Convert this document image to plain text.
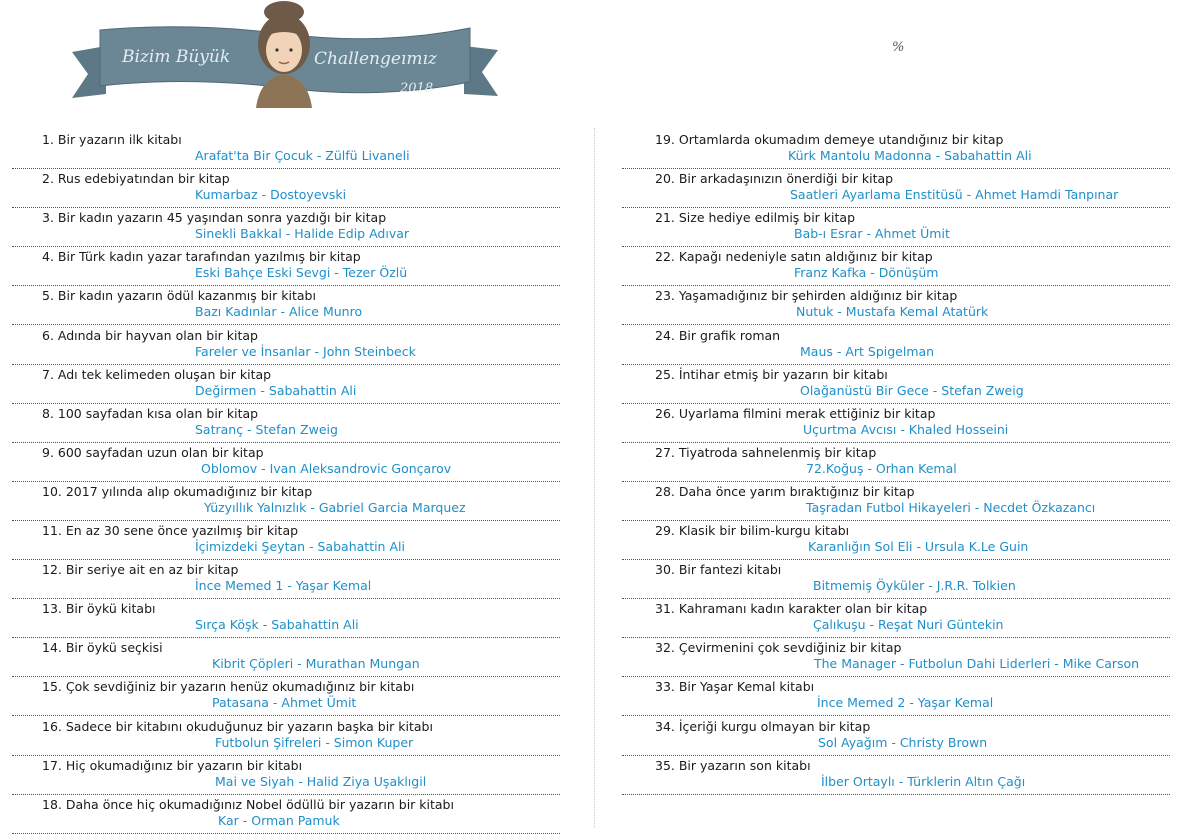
Bizim Büyük	Challengeımız
2018
%
1. Bir yazarın ilk kitabı
Arafat'ta Bir Çocuk - Zülfü Livaneli
2. Rus edebiyatından bir kitap
Kumarbaz - Dostoyevski
3. Bir kadın yazarın 45 yaşından sonra yazdığı bir kitap
Sinekli Bakkal - Halide Edip Adıvar
4. Bir Türk kadın yazar tarafından yazılmış bir kitap
Eski Bahçe Eski Sevgi - Tezer Özlü
5. Bir kadın yazarın ödül kazanmış bir kitabı
Bazı Kadınlar - Alice Munro
6. Adında bir hayvan olan bir kitap
Fareler ve İnsanlar - John Steinbeck
7. Adı tek kelimeden oluşan bir kitap
Değirmen - Sabahattin Ali
8. 100 sayfadan kısa olan bir kitap
Satranç - Stefan Zweig
9. 600 sayfadan uzun olan bir kitap
Oblomov - Ivan Aleksandrovic Gonçarov
10. 2017 yılında alıp okumadığınız bir kitap
Yüzyıllık Yalnızlık - Gabriel Garcia Marquez
11. En az 30 sene önce yazılmış bir kitap
İçimizdeki Şeytan - Sabahattin Ali
12. Bir seriye ait en az bir kitap
İnce Memed 1 - Yaşar Kemal
13. Bir öykü kitabı
Sırça Köşk - Sabahattin Ali
14. Bir öykü seçkisi
Kibrit Çöpleri - Murathan Mungan
15. Çok sevdiğiniz bir yazarın henüz okumadığınız bir kitabı
Patasana - Ahmet Ümit
16. Sadece bir kitabını okuduğunuz bir yazarın başka bir kitabı
Futbolun Şifreleri - Simon Kuper
17. Hiç okumadığınız bir yazarın bir kitabı
Mai ve Siyah - Halid Ziya Uşaklıgil
18. Daha önce hiç okumadığınız Nobel ödüllü bir yazarın bir kitabı
Kar - Orman Pamuk
19. Ortamlarda okumadım demeye utandığınız bir kitap
Kürk Mantolu Madonna - Sabahattin Ali
20. Bir arkadaşınızın önerdiği bir kitap
Saatleri Ayarlama Enstitüsü - Ahmet Hamdi Tanpınar
21. Size hediye edilmiş bir kitap
Bab-ı Esrar - Ahmet Ümit
22. Kapağı nedeniyle satın aldığınız bir kitap
Franz Kafka - Dönüşüm
23. Yaşamadığınız bir şehirden aldığınız bir kitap
Nutuk - Mustafa Kemal Atatürk
24. Bir grafik roman
Maus - Art Spigelman
25. İntihar etmiş bir yazarın bir kitabı
Olağanüstü Bir Gece - Stefan Zweig
26. Uyarlama filmini merak ettiğiniz bir kitap
Uçurtma Avcısı - Khaled Hosseini
27. Tiyatroda sahnelenmiş bir kitap
72.Koğuş - Orhan Kemal
28. Daha önce yarım bıraktığınız bir kitap
Taşradan Futbol Hikayeleri - Necdet Özkazancı
29. Klasik bir bilim-kurgu kitabı
Karanlığın Sol Eli - Ursula K.Le Guin
30. Bir fantezi kitabı
Bitmemiş Öyküler - J.R.R. Tolkien
31. Kahramanı kadın karakter olan bir kitap
Çalıkuşu - Reşat Nuri Güntekin
32. Çevirmenini çok sevdiğiniz bir kitap
The Manager - Futbolun Dahi Liderleri - Mike Carson
33. Bir Yaşar Kemal kitabı
İnce Memed 2 - Yaşar Kemal
34. İçeriği kurgu olmayan bir kitap
Sol Ayağım - Christy Brown
35. Bir yazarın son kitabı
İlber Ortaylı - Türklerin Altın Çağı
